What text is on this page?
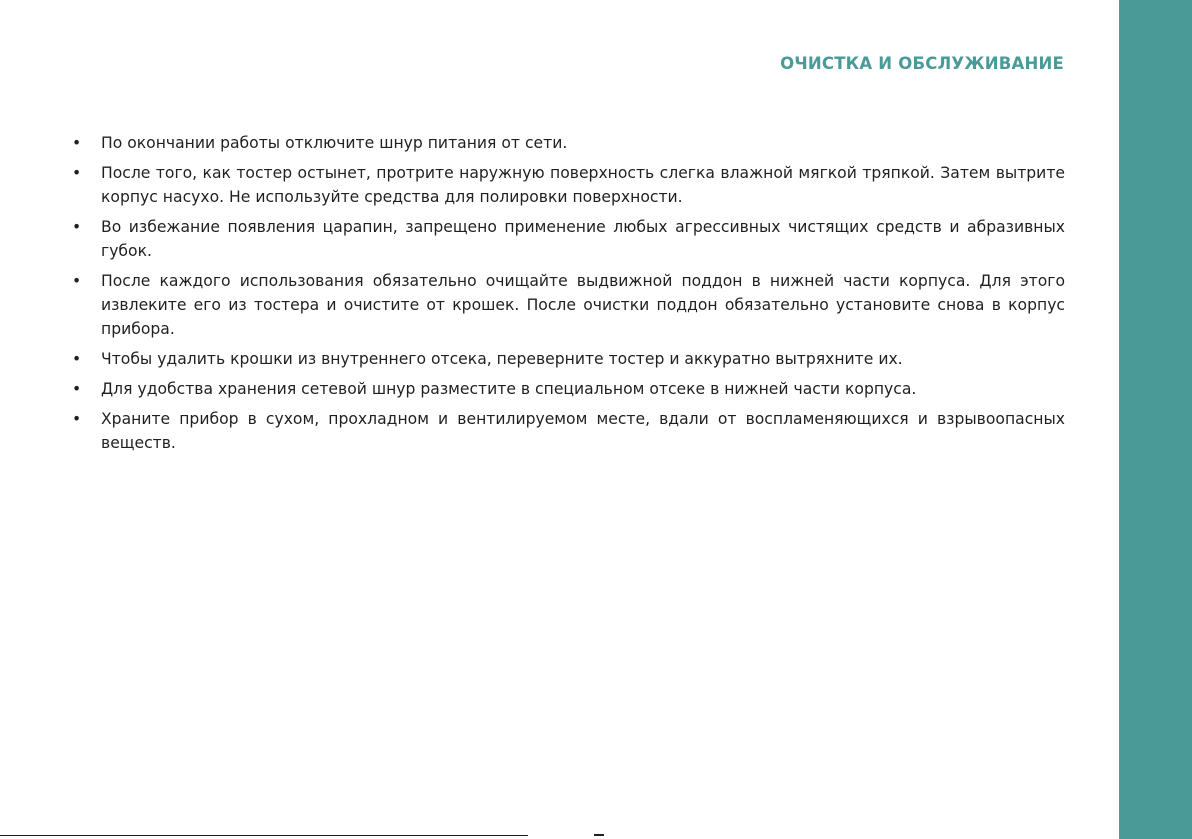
ОЧИСТКА И ОБСЛУЖИВАНИЕ
• По окончании работы отключите шнур питания от сети.
• После того, как тостер остынет, протрите наружную поверхность слегка влажной мягкой тряпкой. Затем вытрите корпус насухо. Не используйте средства для полировки поверхности.
• Во избежание появления царапин, запрещено применение любых агрессивных чистящих средств и абразивных губок.
• После каждого использования обязательно очищайте выдвижной поддон в нижней части корпуса. Для этого извлеките его из тостера и очистите от крошек. После очистки поддон обязательно установите снова в корпус прибора.
• Чтобы удалить крошки из внутреннего отсека, переверните тостер и аккуратно вытряхните их.
• Для удобства хранения сетевой шнур разместите в специальном отсеке в нижней части корпуса.
• Храните прибор в сухом, прохладном и вентилируемом месте, вдали от воспламеняющихся и взрывоопасных веществ.
